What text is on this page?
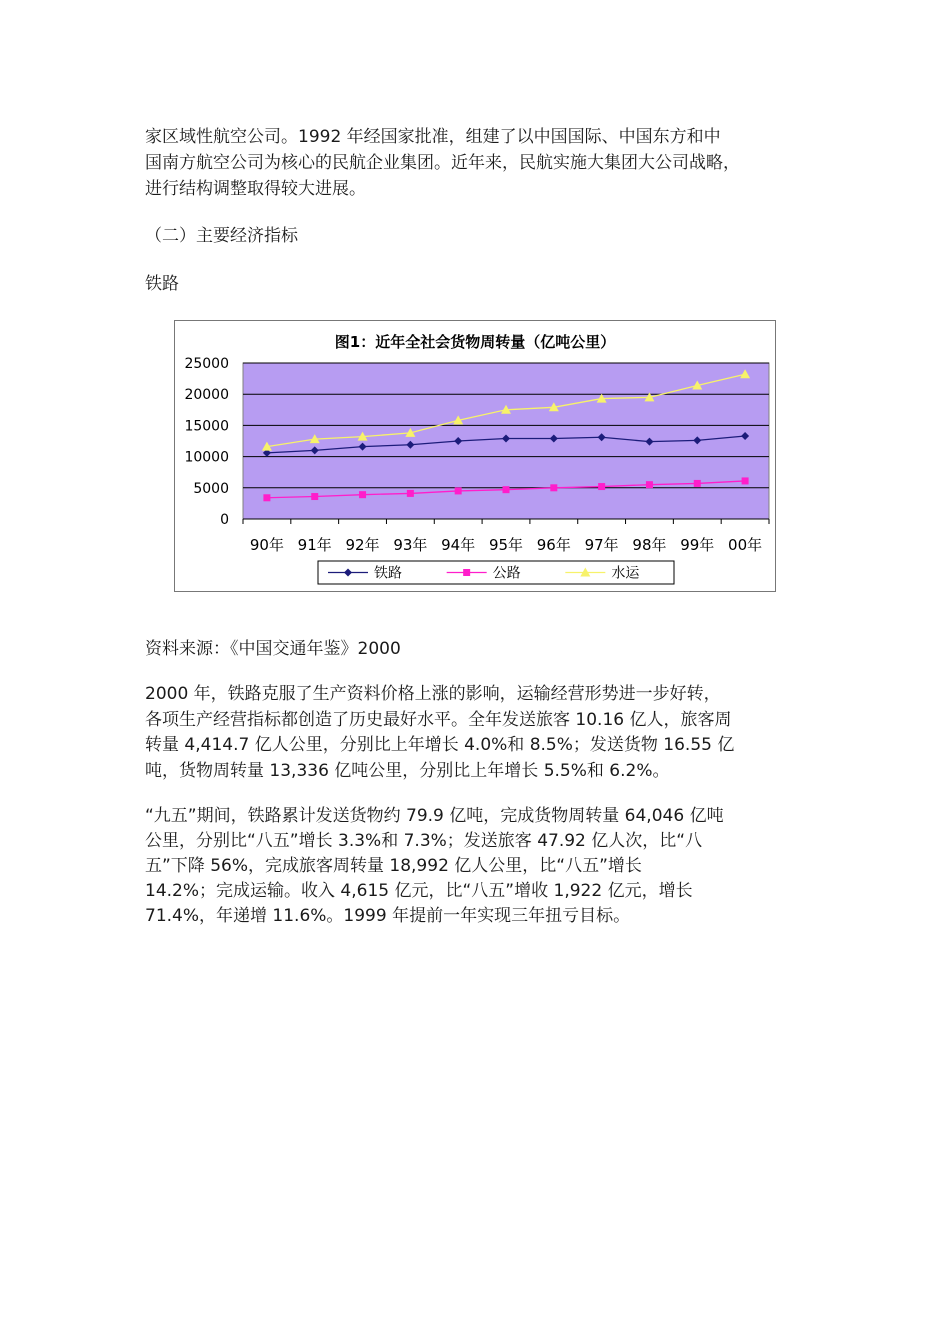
家区域性航空公司。1992 年经国家批准，组建了以中国国际、中国东方和中
国南方航空公司为核心的民航企业集团。近年来，民航实施大集团大公司战略，
进行结构调整取得较大进展。

（二）主要经济指标

铁路

图1：近年全社会货物周转量（亿吨公里）
0
5000
10000
15000
20000
25000
90年 91年 92年 93年 94年 95年 96年 97年 98年 99年 00年
铁路	公路	水运

资料来源：《中国交通年鉴》2000

2000 年，铁路克服了生产资料价格上涨的影响，运输经营形势进一步好转，
各项生产经营指标都创造了历史最好水平。全年发送旅客 10.16 亿人，旅客周
转量 4,414.7 亿人公里，分别比上年增长 4.0%和 8.5%；发送货物 16.55 亿
吨，货物周转量 13,336 亿吨公里，分别比上年增长 5.5%和 6.2%。

“九五”期间，铁路累计发送货物约 79.9 亿吨，完成货物周转量 64,046 亿吨
公里，分别比“八五”增长 3.3%和 7.3%；发送旅客 47.92 亿人次，比“八
五”下降 56%，完成旅客周转量 18,992 亿人公里，比“八五”增长
14.2%；完成运输。收入 4,615 亿元，比“八五”增收 1,922 亿元，增长
71.4%，年递增 11.6%。1999 年提前一年实现三年扭亏目标。
